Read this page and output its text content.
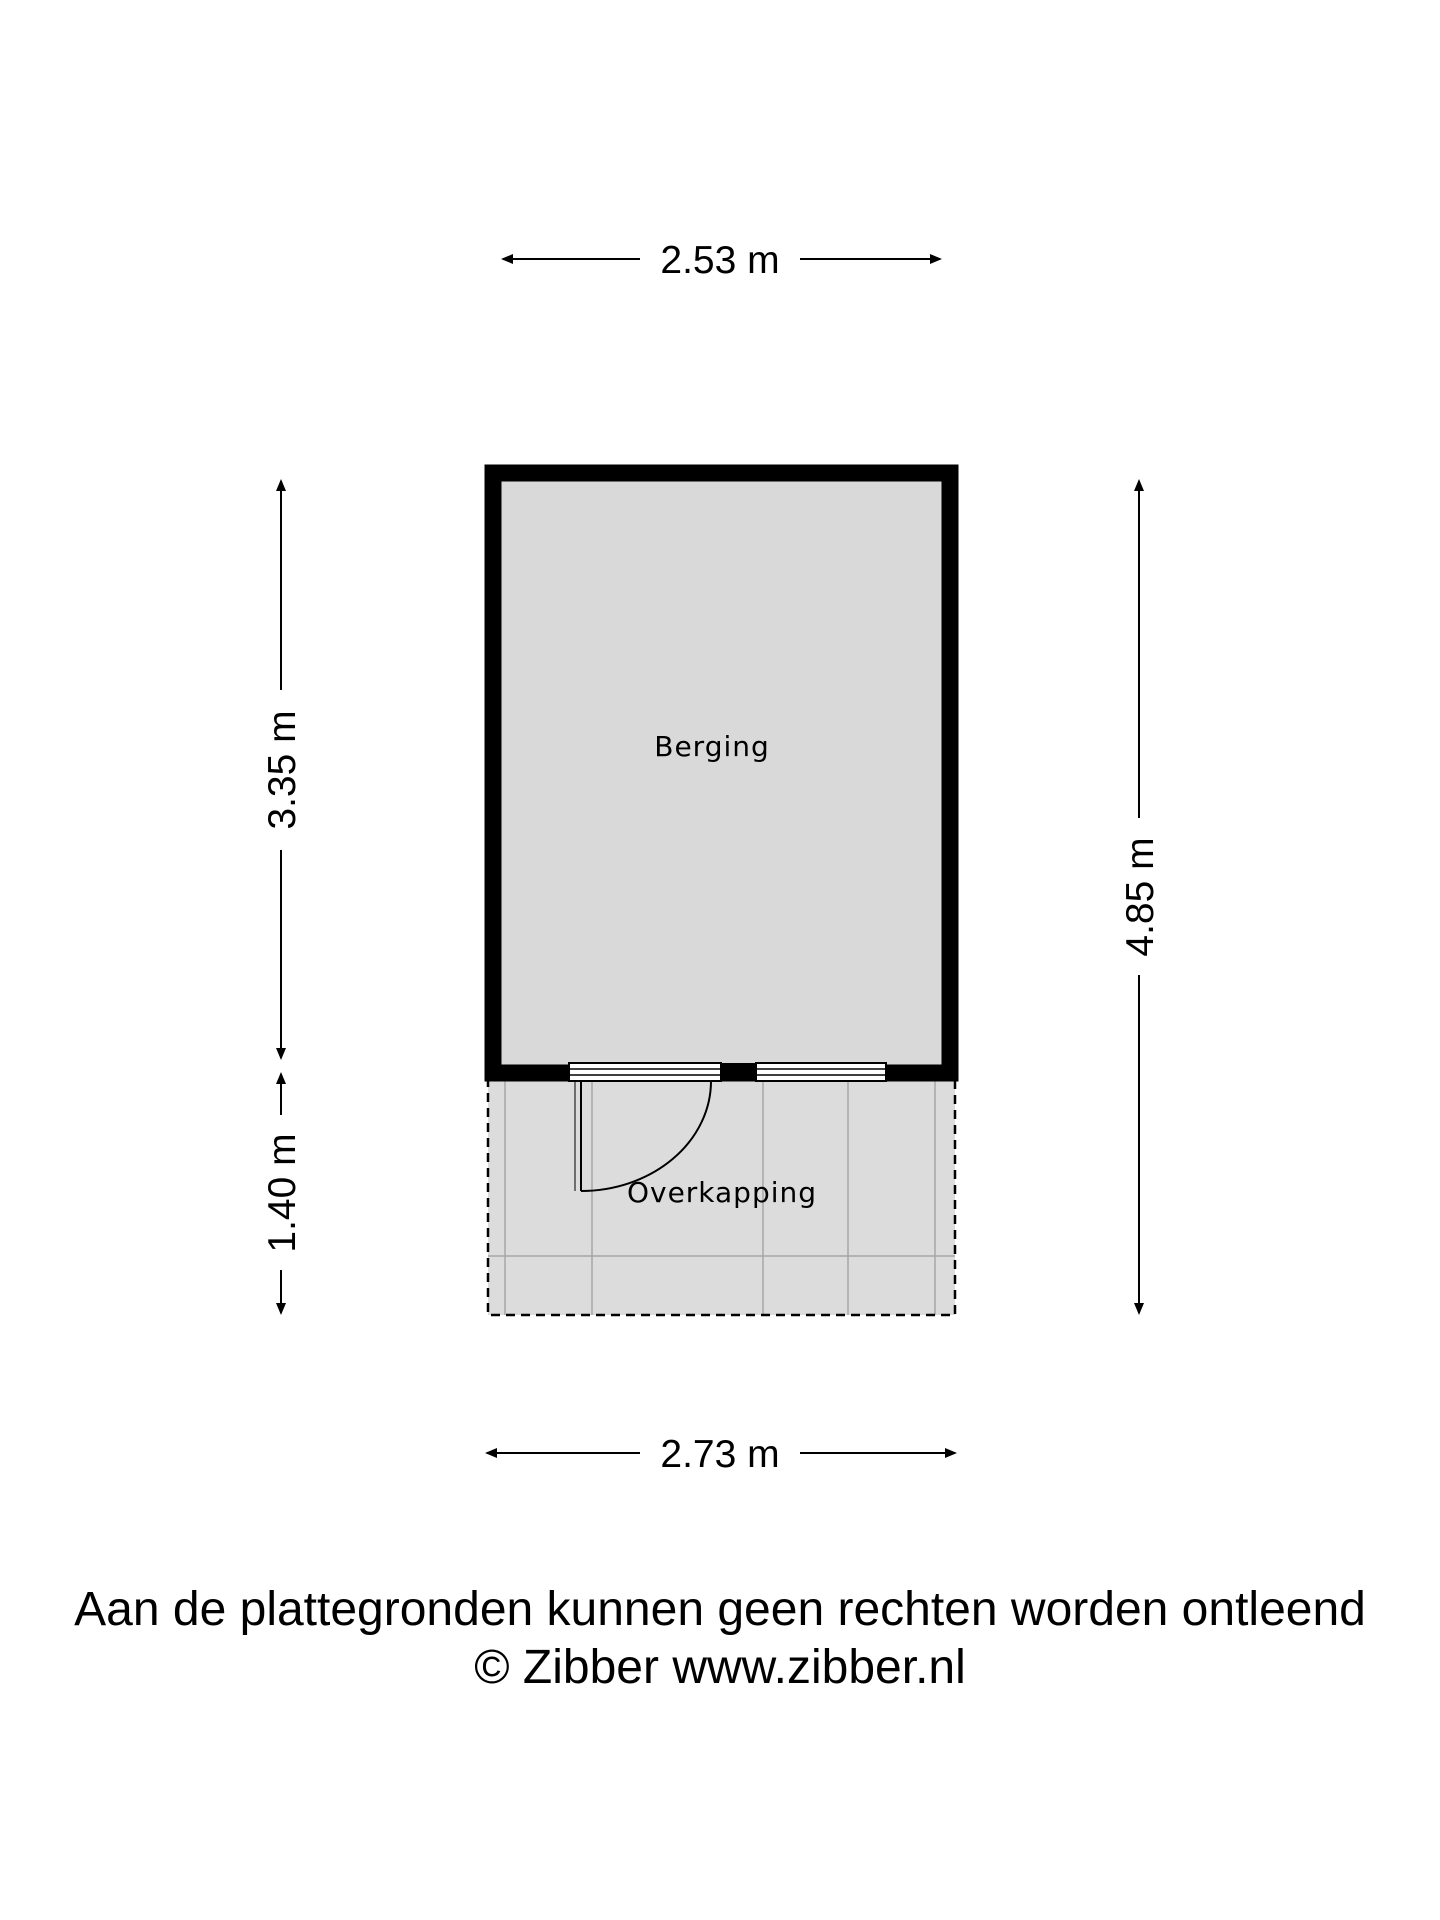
Berging
Overkapping
2.53 m
2.73 m
3.35 m
1.40 m
4.85 m
Aan de plattegronden kunnen geen rechten worden ontleend
© Zibber www.zibber.nl
